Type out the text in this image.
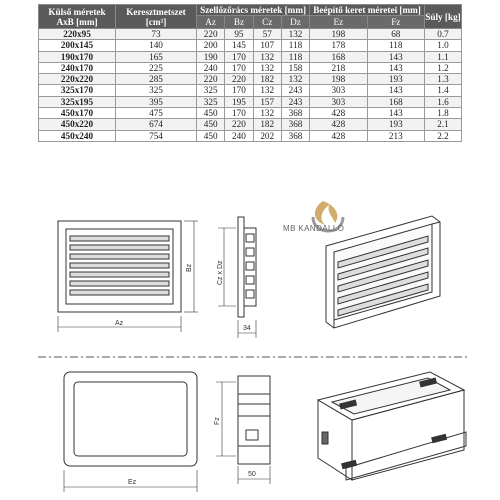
Külső méretek AxB [mm]	Keresztmetszet [cm²]	Szellőzőrács méretek [mm]				Beépítő keret méretei [mm]		Súly [kg]
		Az	Bz	Cz	Dz	Ez	Fz	
220x95	73	220	95	57	132	198	68	0.7
200x145	140	200	145	107	118	178	118	1.0
190x170	165	190	170	132	118	168	143	1.1
240x170	225	240	170	132	158	218	143	1.2
220x220	285	220	220	182	132	198	193	1.3
325x170	325	325	170	132	243	303	143	1.4
325x195	395	325	195	157	243	303	168	1.6
450x170	475	450	170	132	368	428	143	1.8
450x220	674	450	220	182	368	428	193	2.1
450x240	754	450	240	202	368	428	213	2.2
MB KANDALLÓ
Az
Bz	Cz x Dz
34
Ez
Fz
50
